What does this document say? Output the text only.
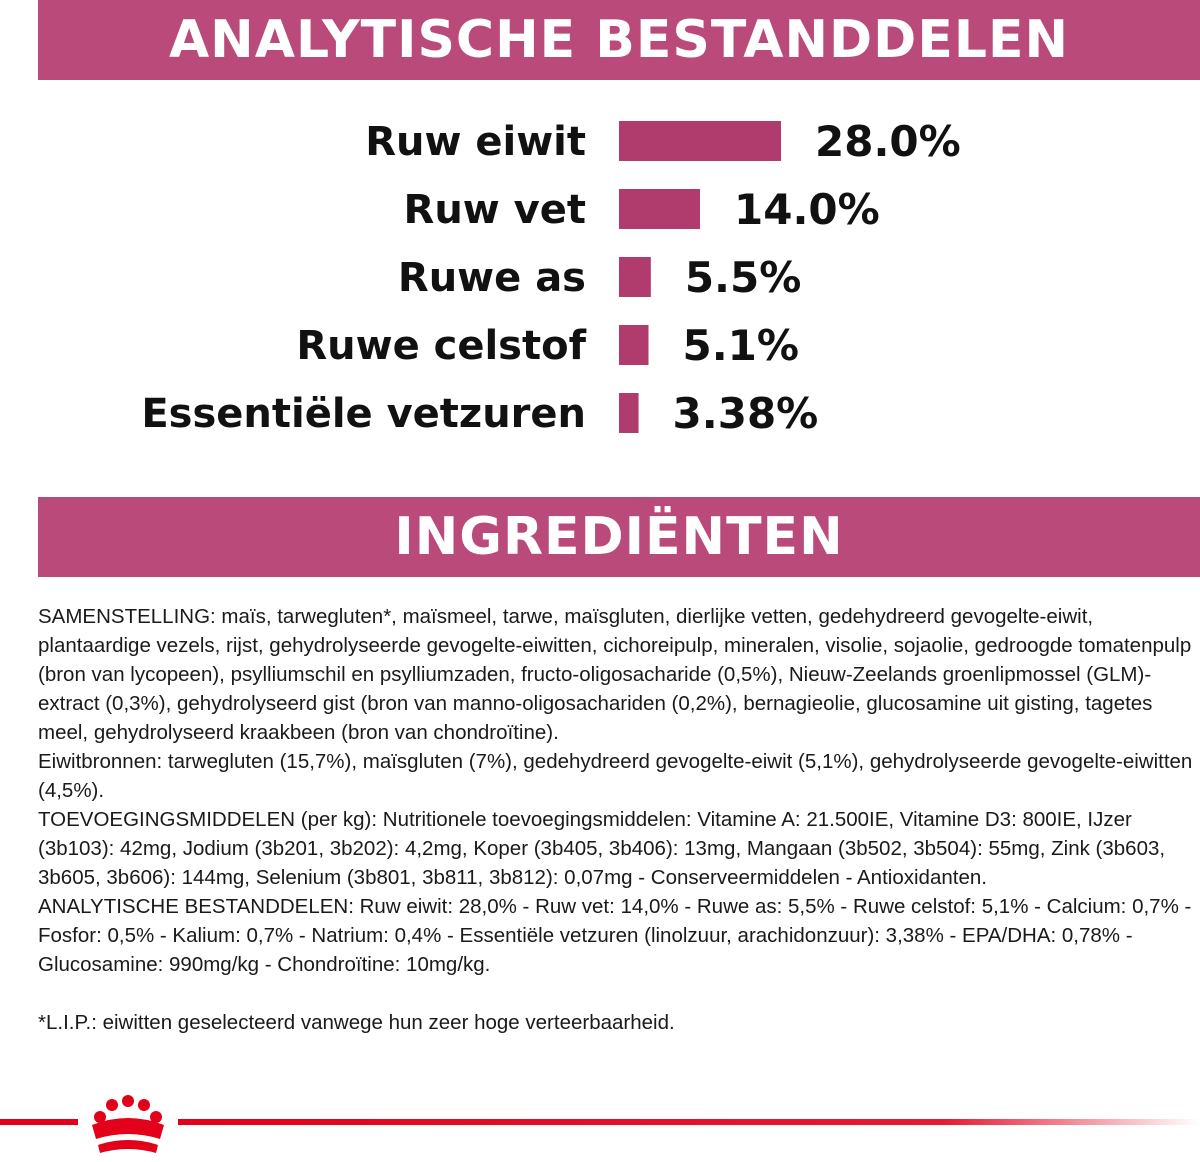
ANALYTISCHE BESTANDDELEN
Ruw eiwit	28.0%
Ruw vet	14.0%
Ruwe as 5.5%
Ruwe celstof 5.1%
Essentiële vetzuren 3.38%
INGREDIËNTEN

SAMENSTELLING: maïs, tarwegluten*, maïsmeel, tarwe, maïsgluten, dierlijke vetten, gedehydreerd gevogelte-eiwit, plantaardige vezels, rijst, gehydrolyseerde gevogelte-eiwitten, cichoreipulp, mineralen, visolie, sojaolie, gedroogde tomatenpulp (bron van lycopeen), psylliumschil en psylliumzaden, fructo-oligosacharide (0,5%), Nieuw-Zeelands groenlipmossel (GLM)-extract (0,3%), gehydrolyseerd gist (bron van manno-oligosachariden (0,2%), bernagieolie, glucosamine uit gisting, tagetes meel, gehydrolyseerd kraakbeen (bron van chondroïtine).

Eiwitbronnen: tarwegluten (15,7%), maïsgluten (7%), gedehydreerd gevogelte-eiwit (5,1%), gehydrolyseerde gevogelte-eiwitten (4,5%).

TOEVOEGINGSMIDDELEN (per kg): Nutritionele toevoegingsmiddelen: Vitamine A: 21.500IE, Vitamine D3: 800IE, IJzer (3b103): 42mg, Jodium (3b201, 3b202): 4,2mg, Koper (3b405, 3b406): 13mg, Mangaan (3b502, 3b504): 55mg, Zink (3b603, 3b605, 3b606): 144mg, Selenium (3b801, 3b811, 3b812): 0,07mg - Conserveermiddelen - Antioxidanten.

ANALYTISCHE BESTANDDELEN: Ruw eiwit: 28,0% - Ruw vet: 14,0% - Ruwe as: 5,5% - Ruwe celstof: 5,1% - Calcium: 0,7% - Fosfor: 0,5% - Kalium: 0,7% - Natrium: 0,4% - Essentiële vetzuren (linolzuur, arachidonzuur): 3,38% - EPA/DHA: 0,78% - Glucosamine: 990mg/kg - Chondroïtine: 10mg/kg.

*L.I.P.: eiwitten geselecteerd vanwege hun zeer hoge verteerbaarheid.
